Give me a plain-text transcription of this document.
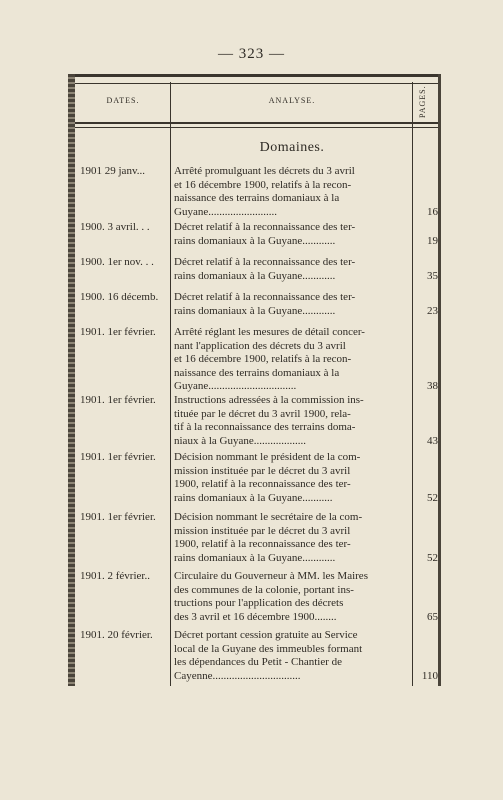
— 323 —
DATES.	ANALYSE.	PAGES.
Domaines.
1901 29 janv...	Arrêté promulguant les décrets du 3 avril
et 16 décembre 1900, relatifs à la recon-
naissance des terrains domaniaux à la
Guyane.........................	16
1900. 3 avril. . .	Décret relatif à la reconnaissance des ter-
rains domaniaux à la Guyane............	19
1900. 1er nov. . .	Décret relatif à la reconnaissance des ter-
rains domaniaux à la Guyane............	35
1900. 16 décemb.	Décret relatif à la reconnaissance des ter-
rains domaniaux à la Guyane............	23
1901. 1er février.	Arrêté réglant les mesures de détail concer-
nant l'application des décrets du 3 avril
et 16 décembre 1900, relatifs à la recon-
naissance des terrains domaniaux à la
Guyane................................	38
1901. 1er février.	Instructions adressées à la commission ins-
tituée par le décret du 3 avril 1900, rela-
tif à la reconnaissance des terrains doma-
niaux à la Guyane...................	43
1901. 1er février.	Décision nommant le président de la com-
mission instituée par le décret du 3 avril
1900, relatif à la reconnaissance des ter-
rains domaniaux à la Guyane...........	52
1901. 1er février.	Décision nommant le secrétaire de la com-
mission instituée par le décret du 3 avril
1900, relatif à la reconnaissance des ter-
rains domaniaux à la Guyane............	52
1901. 2 février..	Circulaire du Gouverneur à MM. les Maires
des communes de la colonie, portant ins-
tructions pour l'application des décrets
des 3 avril et 16 décembre 1900........	65
1901. 20 février.	Décret portant cession gratuite au Service
local de la Guyane des immeubles formant
les dépendances du Petit - Chantier de
Cayenne................................	110
